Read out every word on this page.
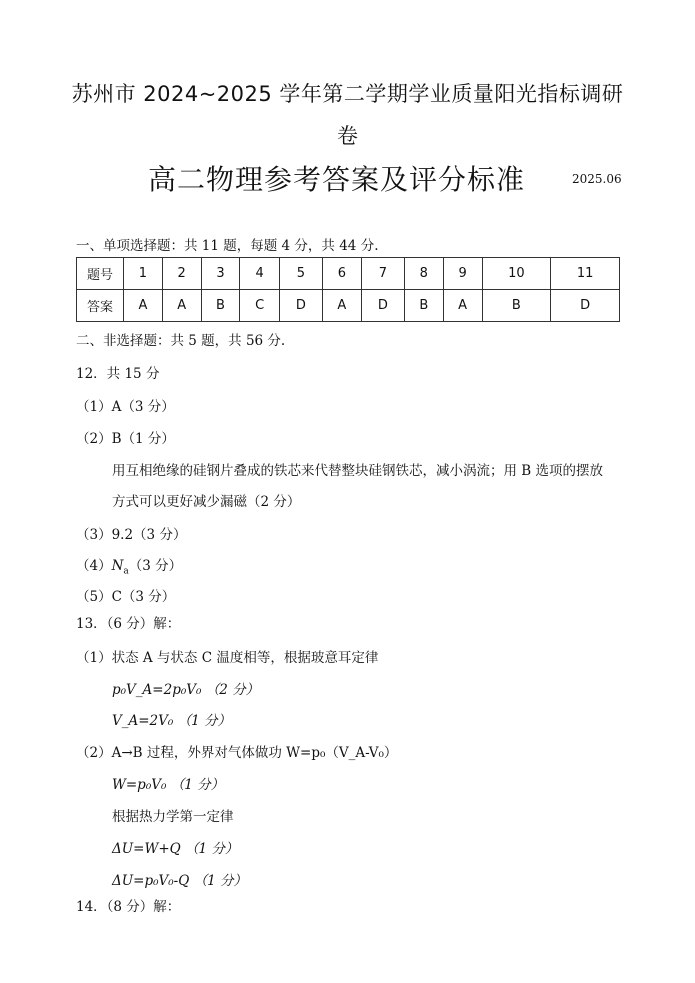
苏州市 2024~2025 学年第二学期学业质量阳光指标调研
卷
高二物理参考答案及评分标准	2025.06
一、单项选择题：共 11 题，每题 4 分，共 44 分.
题号	1	2	3	4	5	6	7	8	9	10	11
答案	A	A	B	C	D	A	D	B	A	B	D
二、非选择题：共 5 题，共 56 分.
12．共 15 分
（1）A（3 分）
（2）B（1 分）
用互相绝缘的硅钢片叠成的铁芯来代替整块硅钢铁芯，减小涡流；用 B 选项的摆放
方式可以更好减少漏磁（2 分）
（3）9.2（3 分）
$(4)N_a(3$ 分）
（5）C（3 分）
13．（6 分）解：
（1）状态 A 与状态 C 温度相等，根据玻意耳定律
p₀V_A=2p₀V₀ （2 分）
V_A=2V₀ （1 分）
（2）A→B 过程，外界对气体做功 W=p₀（V_A-V₀）
W=p₀V₀ （1 分）
根据热力学第一定律
ΔU=W+Q （1 分）
ΔU=p₀V₀-Q （1 分）
14．（8 分）解：
